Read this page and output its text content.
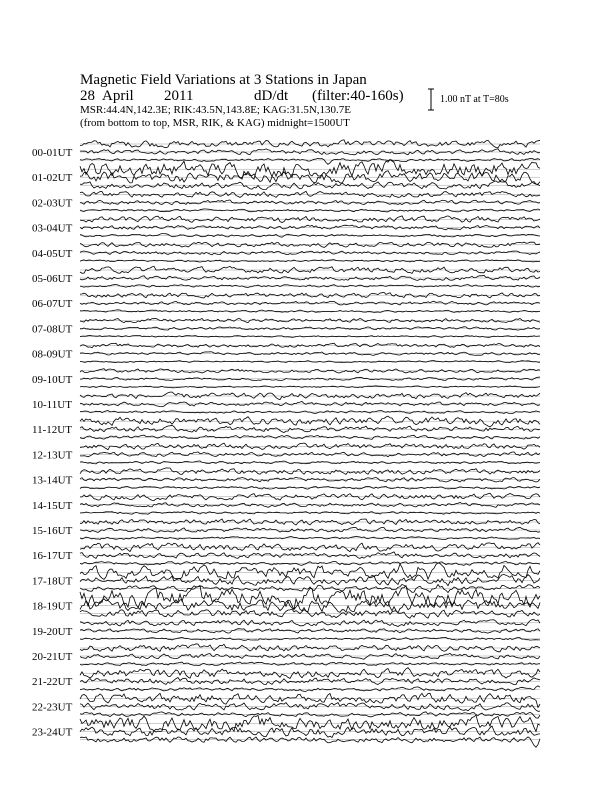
Magnetic Field Variations at 3 Stations in Japan
28 April 2011	dD/dt (filter:40-160s)
MSR:44.4N,142.3E; RIK:43.5N,143.8E; KAG:31.5N,130.7E
(from bottom to top, MSR, RIK, & KAG) midnight=1500UT
1.00 nT at T=80s
00-01UT
01-02UT
02-03UT
03-04UT
04-05UT
05-06UT
06-07UT
07-08UT
08-09UT
09-10UT
10-11UT
11-12UT
12-13UT
13-14UT
14-15UT
15-16UT
16-17UT
17-18UT
18-19UT
19-20UT
20-21UT
21-22UT
22-23UT
23-24UT
